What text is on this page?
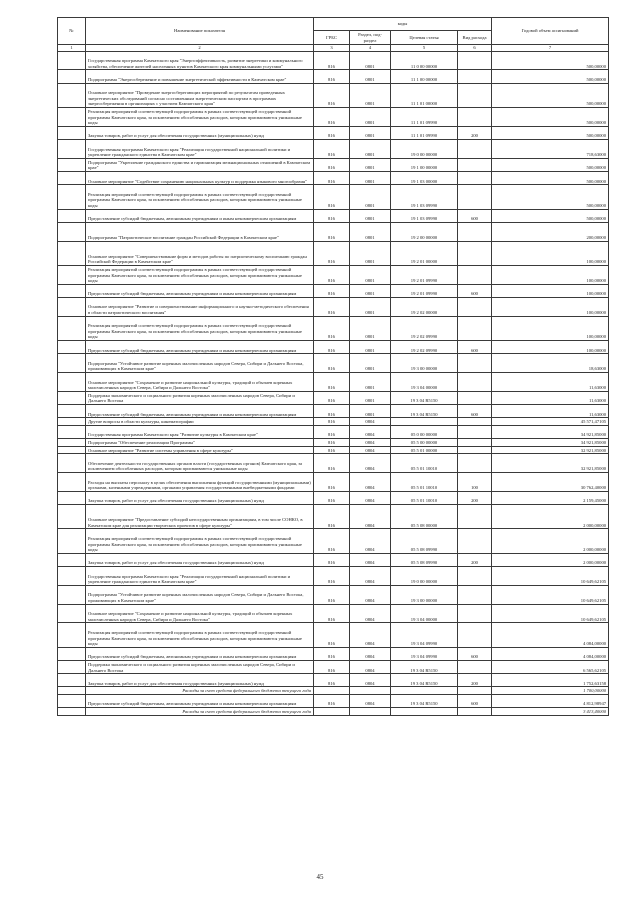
№	Наименование показателя	коды				Годовой объем ассигнований
		ГРБС	Раздел, под-раздел	Целевая статья	Вид расхода	
1	2	3	4	5	6	7
	Государственная программа Камчатского края "Энергоэффективность, развитие энергетики и коммунального хозяйства, обеспечение жителей населенных пунктов Камчатского края коммунальными услугами"	816	0801	11 0 00 00000		500,00000
	Подпрограмма "Энергосбережение и повышение энергетической эффективности в Камчатском крае"	816	0801	11 1 00 00000		500,00000
	Основное мероприятие "Проведение энергосберегающих мероприятий по результатам проведенных энергетических обследований согласно составленным энергетическим паспортам в программах энергосбережения в организациях с участием Камчатского края"	816	0801	11 1 01 00000		500,00000
	Реализация мероприятий соответствующей подпрограммы в рамках соответствующей государственной программы Камчатского края, за исключением обособленных расходов, которым присваиваются уникальные коды	816	0801	11 1 01 09990		500,00000
	Закупка товаров, работ и услуг для обеспечения государственных (муниципальных) нужд	816	0801	11 1 01 09990	200	500,00000
	Государственная программа Камчатского края "Реализация государственной национальной политики и укрепление гражданского единства в Камчатском крае"	816	0801	19 0 00 00000		718,63000
	Подпрограмма "Укрепление гражданского единства и гармонизация межнациональных отношений в Камчатском крае"	816	0801	19 1 00 00000		500,00000
	Основное мероприятие "Содействие сохранению национальных культур и поддержка языкового многообразия"	816	0801	19 1 03 00000		500,00000
	Реализация мероприятий соответствующей подпрограммы в рамках соответствующей государственной программы Камчатского края, за исключением обособленных расходов, которым присваиваются уникальные коды	816	0801	19 1 03 09990		500,00000
	Предоставление субсидий бюджетным, автономным учреждениям и иным некоммерческим организациям	816	0801	19 1 03 09990	600	500,00000
	Подпрограмма "Патриотическое воспитание граждан Российской Федерации в Камчатском крае"	816	0801	19 2 00 00000		200,00000
	Основное мероприятие "Совершенствование форм и методов работы по патриотическому воспитанию граждан Российской Федерации в Камчатском крае"	816	0801	19 2 01 00000		100,00000
	Реализация мероприятий соответствующей подпрограммы в рамках соответствующей государственной программы Камчатского края, за исключением обособленных расходов, которым присваиваются уникальные коды	816	0801	19 2 01 09990		100,00000
	Предоставление субсидий бюджетным, автономным учреждениям и иным некоммерческим организациям	816	0801	19 2 01 09990	600	100,00000
	Основное мероприятие "Развитие и совершенствование информационного и научно-методического обеспечения в области патриотического воспитания"	816	0801	19 2 02 00000		100,00000
	Реализация мероприятий соответствующей подпрограммы в рамках соответствующей государственной программы Камчатского края, за исключением обособленных расходов, которым присваиваются уникальные коды	816	0801	19 2 02 09990		100,00000
	Предоставление субсидий бюджетным, автономным учреждениям и иным некоммерческим организациям	816	0801	19 2 02 09990	600	100,00000
	Подпрограмма "Устойчивое развитие коренных малочисленных народов Севера, Сибири и Дальнего Востока, проживающих в Камчатском крае"	816	0801	19 3 00 00000		18,63000
	Основное мероприятие "Сохранение и развитие национальной культуры, традиций и обычаев коренных малочисленных народов Севера, Сибири и Дальнего Востока"	816	0801	19 3 04 00000		11,63000
	Поддержка экономического и социального развития коренных малочисленных народов Севера, Сибири и Дальнего Востока	816	0801	19 3 04 R5150		11,63000
	Предоставление субсидий бюджетным, автономным учреждениям и иным некоммерческим организациям	816	0801	19 3 04 R5150	600	11,63000
	Другие вопросы в области культуры, кинематографии	816	0804			45 571,47105
	Государственная программа Камчатского края "Развитие культуры в Камчатском крае"	816	0804	05 0 00 00000		34 921,85000
	Подпрограмма "Обеспечение реализации Программы"	816	0804	05 5 00 00000		34 921,85000
	Основное мероприятие "Развитие системы управления в сфере культуры"	816	0804	05 5 01 00000		32 921,85000
	Обеспечение деятельности государственных органов власти (государственных органов) Камчатского края, за исключением обособленных расходов, которым присваиваются уникальные коды	816	0804	05 5 01 10010		32 921,85000
	Расходы на выплаты персоналу в целях обеспечения выполнения функций государственными (муниципальными) органами, казенными учреждениями, органами управления государственными внебюджетными фондами	816	0804	05 5 01 10010	100	30 762,40000
	Закупка товаров, работ и услуг для обеспечения государственных (муниципальных) нужд	816	0804	05 5 01 10010	200	2 159,45000
	Основное мероприятие "Предоставление субсидий негосударственным организациям, в том числе СОНКО, в Камчатском крае для реализации творческих проектов в сфере культуры"	816	0804	05 5 08 00000		2 000,00000
	Реализация мероприятий соответствующей подпрограммы в рамках соответствующей государственной программы Камчатского края, за исключением обособленных расходов, которым присваиваются уникальные коды	816	0804	05 5 08 09990		2 000,00000
	Закупка товаров, работ и услуг для обеспечения государственных (муниципальных) нужд	816	0804	05 5 08 09990	200	2 000,00000
	Государственная программа Камчатского края "Реализация государственной национальной политики и укрепление гражданского единства в Камчатском крае"	816	0804	19 0 00 00000		10 649,62105
	Подпрограмма "Устойчивое развитие коренных малочисленных народов Севера, Сибири и Дальнего Востока, проживающих в Камчатском крае"	816	0804	19 3 00 00000		10 649,62105
	Основное мероприятие "Сохранение и развитие национальной культуры, традиций и обычаев коренных малочисленных народов Севера, Сибири и Дальнего Востока"	816	0804	19 3 04 00000		10 649,62105
	Реализация мероприятий соответствующей подпрограммы в рамках соответствующей государственной программы Камчатского края, за исключением обособленных расходов, которым присваиваются уникальные коды	816	0804	19 3 04 09990		4 084,00000
	Предоставление субсидий бюджетным, автономным учреждениям и иным некоммерческим организациям	816	0804	19 3 04 09990	600	4 084,00000
	Поддержка экономического и социального развития коренных малочисленных народов Севера, Сибири и Дальнего Востока	816	0804	19 3 04 R5150		6 565,62105
	Закупка товаров, работ и услуг для обеспечения государственных (муниципальных) нужд	816	0804	19 3 04 R5150	200	1 752,63158
	Расходы за счет средств федерального бюджета текущего года					1 700,00000
	Предоставление субсидий бюджетным, автономным учреждениям и иным некоммерческим организациям	816	0804	19 3 04 R5150	600	4 812,98947
	Расходы за счет средств федерального бюджета текущего года					3 413,40000
45
